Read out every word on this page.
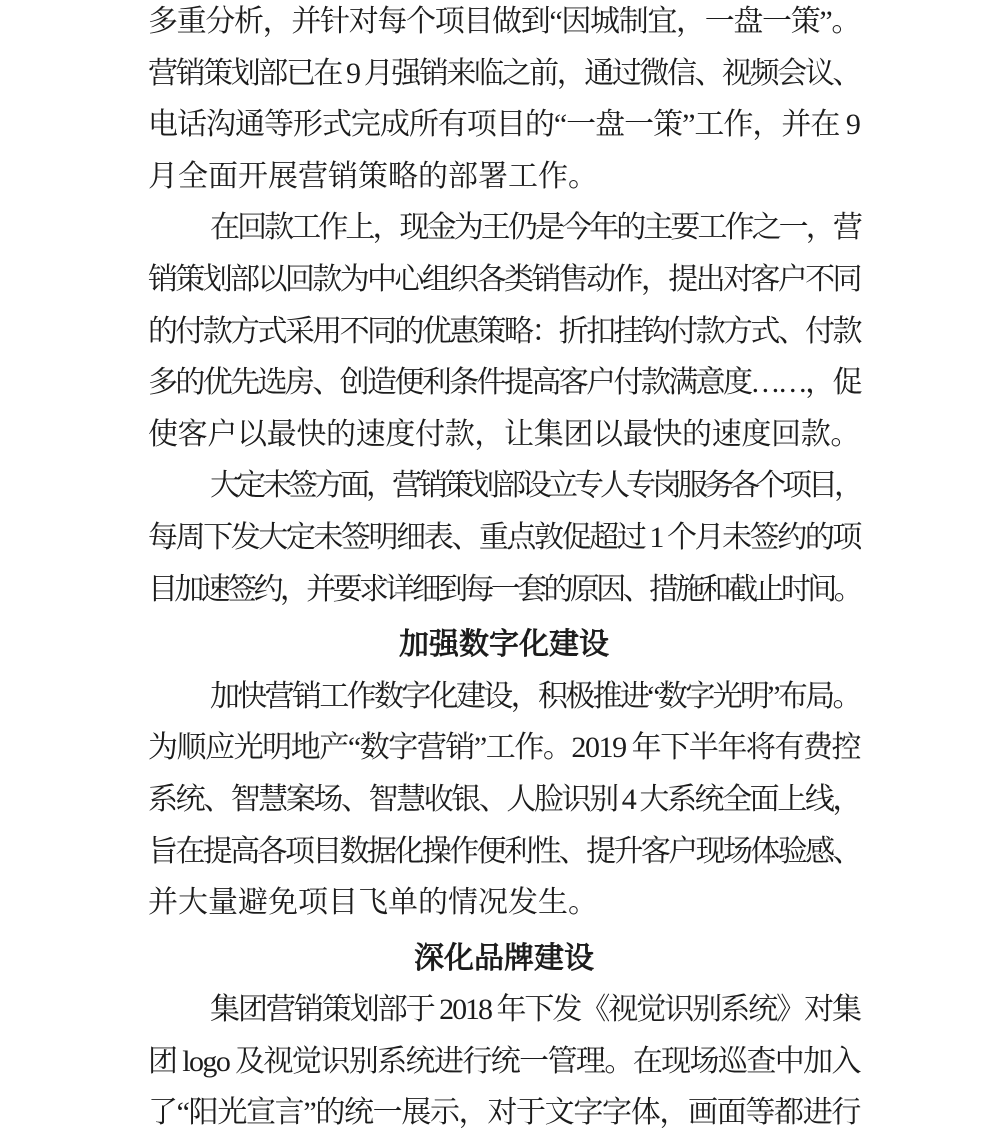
多重分析，并针对每个项目做到“因城制宜，一盘一策”。
营销策划部已在 9 月强销来临之前，通过微信、视频会议、
电话沟通等形式完成所有项目的“一盘一策”工作，并在 9
月全面开展营销策略的部署工作。
在回款工作上，现金为王仍是今年的主要工作之一，营
销策划部以回款为中心组织各类销售动作，提出对客户不同
的付款方式采用不同的优惠策略：折扣挂钩付款方式、付款
多的优先选房、创造便利条件提高客户付款满意度……，促
使客户以最快的速度付款，让集团以最快的速度回款。
大定未签方面，营销策划部设立专人专岗服务各个项目，
每周下发大定未签明细表、重点敦促超过 1 个月未签约的项
目加速签约，并要求详细到每一套的原因、措施和截止时间。
加强数字化建设
加快营销工作数字化建设，积极推进“数字光明”布局。
为顺应光明地产“数字营销”工作。2019 年下半年将有费控
系统、智慧案场、智慧收银、人脸识别 4 大系统全面上线，
旨在提高各项目数据化操作便利性、提升客户现场体验感、
并大量避免项目飞单的情况发生。
深化品牌建设
集团营销策划部于 2018 年下发《视觉识别系统》对集
团 logo 及视觉识别系统进行统一管理。在现场巡查中加入
了“阳光宣言”的统一展示，对于文字字体，画面等都进行
